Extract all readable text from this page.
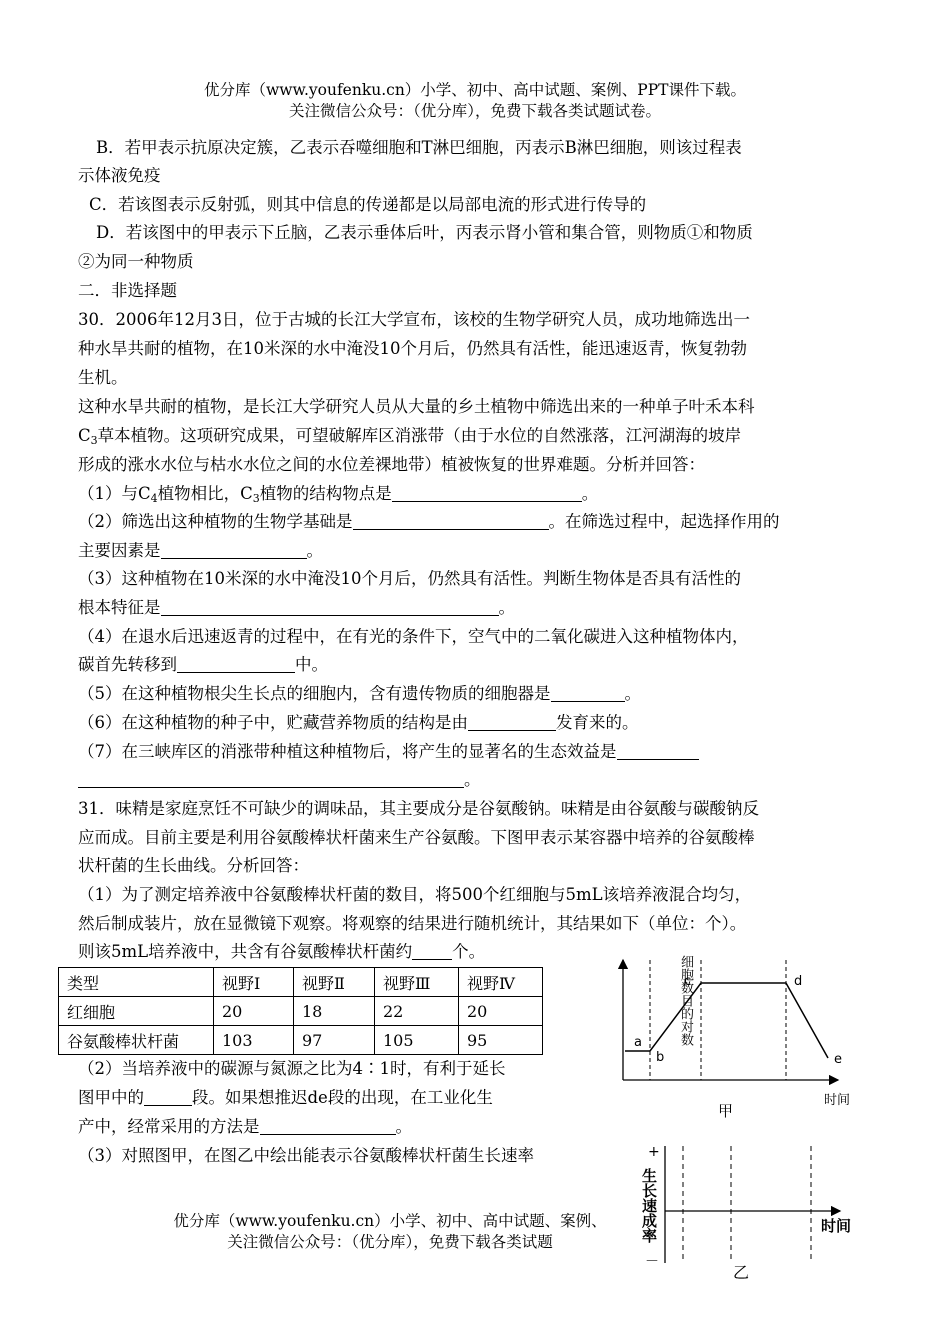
优分库（www.youfenku.cn）小学、初中、高中试题、案例、PPT课件下载。
关注微信公众号：（优分库），免费下载各类试题试卷。
B．若甲表示抗原决定簇，乙表示吞噬细胞和T淋巴细胞，丙表示B淋巴细胞，则该过程表
示体液免疫
C．若该图表示反射弧，则其中信息的传递都是以局部电流的形式进行传导的
D．若该图中的甲表示下丘脑，乙表示垂体后叶，丙表示肾小管和集合管，则物质①和物质
②为同一种物质
二．非选择题
30．2006年12月3日，位于古城的长江大学宣布，该校的生物学研究人员，成功地筛选出一
种水旱共耐的植物，在10米深的水中淹没10个月后，仍然具有活性，能迅速返青，恢复勃勃
生机。
这种水旱共耐的植物，是长江大学研究人员从大量的乡土植物中筛选出来的一种单子叶禾本科
$C_3$草本植物。这项研究成果，可望破解库区消涨带（由于水位的自然涨落，江河湖海的坡岸
形成的涨水水位与枯水水位之间的水位差裸地带）植被恢复的世界难题。分析并回答：
（1）与$C_4$植物相比，$C_3$植物的结构物点是	。
（2）筛选出这种植物的生物学基础是	。在筛选过程中，起选择作用的
主要因素是	。
（3）这种植物在10米深的水中淹没10个月后，仍然具有活性。判断生物体是否具有活性的
根本特征是	。
（4）在退水后迅速返青的过程中，在有光的条件下，空气中的二氧化碳进入这种植物体内，
碳首先转移到	中。
（5）在这种植物根尖生长点的细胞内，含有遗传物质的细胞器是	。
（6）在这种植物的种子中，贮藏营养物质的结构是由	发育来的。
（7）在三峡库区的消涨带种植这种植物后，将产生的显著名的生态效益是
。
31．味精是家庭烹饪不可缺少的调味品，其主要成分是谷氨酸钠。味精是由谷氨酸与碳酸钠反
应而成。目前主要是利用谷氨酸棒状杆菌来生产谷氨酸。下图甲表示某容器中培养的谷氨酸棒
状杆菌的生长曲线。分析回答：
（1）为了测定培养液中谷氨酸棒状杆菌的数目，将500个红细胞与5mL该培养液混合均匀，
然后制成装片，放在显微镜下观察。将观察的结果进行随机统计，其结果如下（单位：个）。
则该5mL培养液中，共含有谷氨酸棒状杆菌约 个。
类型	视野Ⅰ	视野Ⅱ	视野Ⅲ	视野Ⅳ
红细胞	20	18	22	20
谷氨酸棒状杆菌	103	97	105	95
（2）当培养液中的碳源与氮源之比为4∶1时，有利于延长
图甲中的	段。如果想推迟de段的出现，在工业化生
产中，经常采用的方法是	。
（3）对照图甲，在图乙中绘出能表示谷氨酸棒状杆菌生长速率
细胞数目的对数
a
b
c	d
e
时间
甲
+
－
生长速成率	时间
乙
优分库（www.youfenku.cn）小学、初中、高中试题、案例、
关注微信公众号：（优分库），免费下载各类试题
